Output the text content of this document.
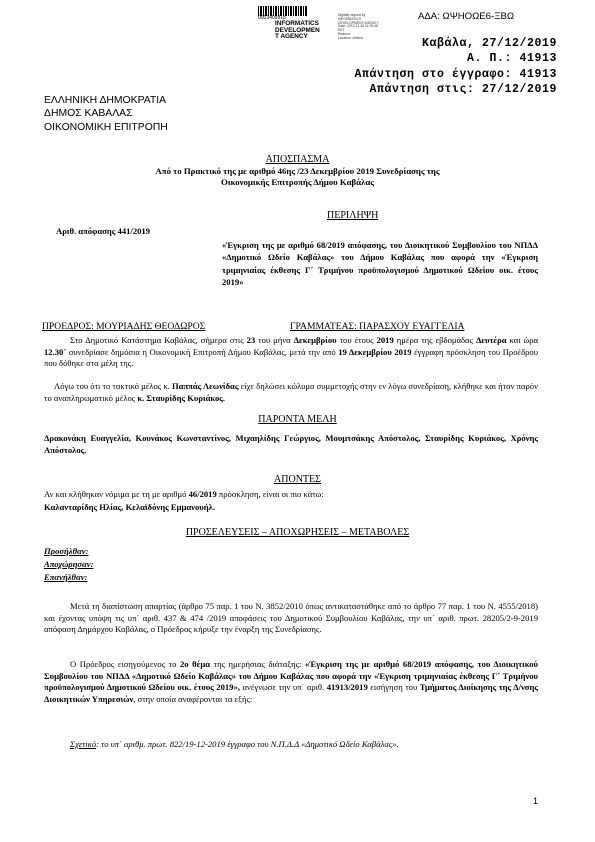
0003409818
INFORMATICS
DEVELOPMEN
T AGENCY
Digitally signed by
INFORMATICS
DEVELOPMENT AGENCY
Date: 2019.12.30 11:29:46
EET
Reason:
Location: Athens
ΑΔΑ: ΩΨΗΟΩΕ6-ΞΒΩ
Καβάλα, 27/12/2019
Α. Π.: 41913
Απάντηση στο έγγραφο: 41913
Απάντηση στις: 27/12/2019
ΕΛΛΗΝΙΚΗ ΔΗΜΟΚΡΑΤΙΑ
ΔΗΜΟΣ ΚΑΒΑΛΑΣ
ΟΙΚΟΝΟΜΙΚΗ ΕΠΙΤΡΟΠΗ
ΑΠΟΣΠΑΣΜΑ
Από το Πρακτικό της με αριθμό 46ης /23 Δεκεμβρίου 2019 Συνεδρίασης της
Οικονομικής Επιτροπής Δήμου Καβάλας
ΠΕΡΙΛΗΨΗ
Αριθ. απόφασης 441/2019
«Έγκριση της με αριθμό 68/2019 απόφασης, του Διοικητικού Συμβουλίου του ΝΠΔΔ «Δημοτικό Ωδείο Καβάλας» του Δήμου Καβάλας που αφορά την «Έγκριση τριμηνιαίας έκθεσης Γ΄ Τριμήνου προϋπολογισμού Δημοτικού Ωδείου οικ. έτους 2019»
ΠΡΟΕΔΡΟΣ: ΜΟΥΡΙΑΔΗΣ ΘΕΟΔΩΡΟΣ	ΓΡΑΜΜΑΤΕΑΣ: ΠΑΡΑΣΧΟΥ ΕΥΑΓΓΕΛΙΑ
Στο Δημοτικό Κατάστημα Καβάλας, σήμερα στις 23 του μήνα Δεκεμβρίου του έτους 2019 ημέρα της εβδομάδας Δευτέρα και ώρα 12.30΄ συνεδρίασε δημόσια η Οικονομική Επιτροπή Δήμου Καβάλας, μετά την από 19 Δεκεμβρίου 2019 έγγραφη πρόσκληση του Προέδρου που δόθηκε στα μέλη της.
Λόγω του ότι το τακτικό μέλος κ. Παππάς Λεωνίδας είχε δηλώσει κώλυμα συμμετοχής στην εν λόγω συνεδρίαση, κλήθηκε και ήταν παρόν το αναπληρωματικό μέλος κ. Σταυρίδης Κυριάκος.
ΠΑΡΟΝΤΑ ΜΕΛΗ
Δρακονάκη Ευαγγελία, Κουνάκος Κωνσταντίνος, Μιχαηλίδης Γεώργιος, Μουμτσάκης Απόστολος, Σταυρίδης Κυριάκος, Χρόνης Απόστολος.
ΑΠΟΝΤΕΣ
Αν και κλήθηκαν νόμιμα με τη με αριθμό 46/2019 πρόσκληση, είναι οι πιο κάτω:
Καλανταρίδης Ηλίας, Κελαϊδόνης Εμμανουήλ.
ΠΡΟΣΕΛΕΥΣΕΙΣ – ΑΠΟΧΩΡΗΣΕΙΣ – ΜΕΤΑΒΟΛΕΣ
Προσήλθαν:
Αποχώρησαν:
Επανήλθαν:
Μετά τη διαπίστωση απαρτίας (άρθρο 75 παρ. 1 του Ν. 3852/2010 όπως αντικαταστάθηκε από το άρθρο 77 παρ. 1 του Ν. 4555/2018) και έχοντας υπόψη τις υπ΄ αριθ. 437 & 474 /2019 αποφάσεις του Δημοτικού Συμβουλίου Καβάλας, την υπ΄ αριθ. πρωτ. 28205/2-9-2019 απόφαση Δημάρχου Καβάλας, ο Πρόεδρος κήρυξε την έναρξη της Συνεδρίασης.
Ο Πρόεδρος εισηγούμενος το 2ο θέμα της ημερήσιας διάταξης: «Έγκριση της με αριθμό 68/2019 απόφασης, του Διοικητικού Συμβουλίου του ΝΠΔΔ «Δημοτικό Ωδείο Καβάλας» του Δήμου Καβάλας που αφορά την «Έγκριση τριμηνιαίας έκθεσης Γ΄ Τριμήνου προϋπολογισμού Δημοτικού Ωδείου οικ. έτους 2019», ανέγνωσε την υπ΄ αριθ. 41913/2019 εισήγηση του Τμήματος Διοίκησης της Δ/νσης Διοικητικών Υπηρεσιών, στην οποία αναφέρονται τα εξής:
Σχετικό: το υπ΄ αριθμ. πρωτ. 822/19-12-2019 έγγραφο του Ν.Π.Δ.Δ «Δημοτικό Ωδείο Καβάλας».
1
